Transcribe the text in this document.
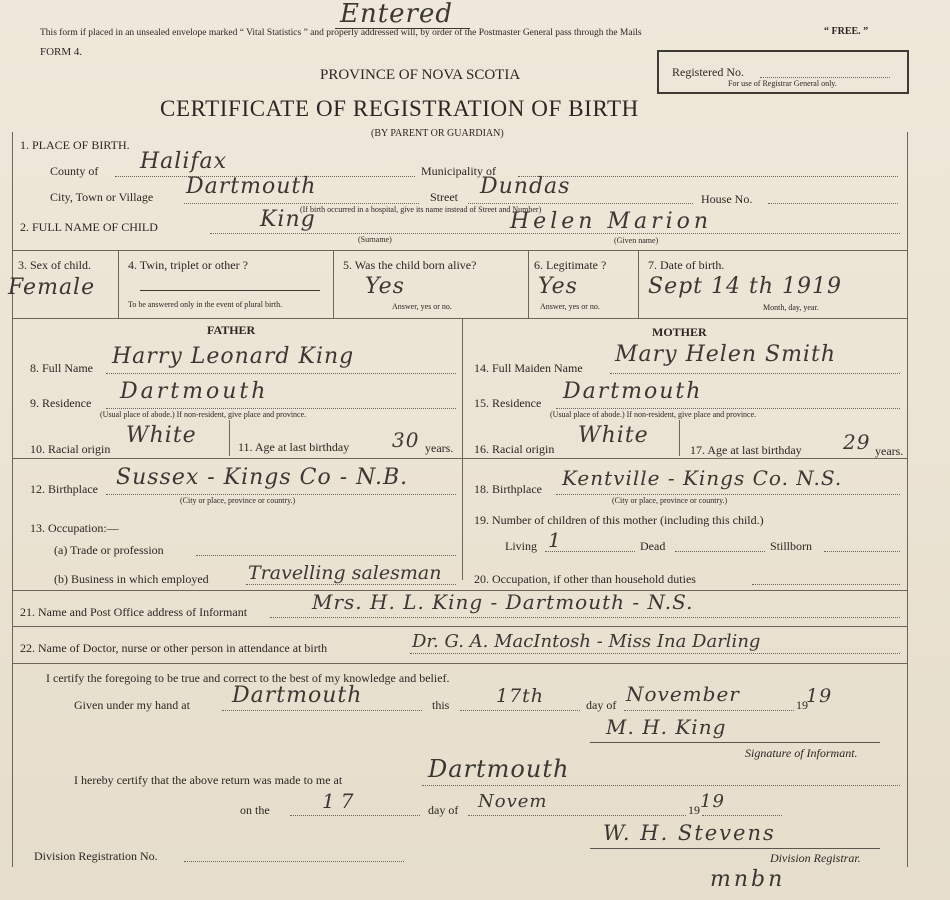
This form if placed in an unsealed envelope marked “ Vital Statistics ” and properly addressed will, by order of the Postmaster General pass through the Mails	“ FREE. ”
Entered
FORM 4.
PROVINCE OF NOVA SCOTIA
CERTIFICATE OF REGISTRATION OF BIRTH
(BY PARENT OR GUARDIAN)
Registered No.
For use of Registrar General only.
1. PLACE OF BIRTH.
County of Halifax	Municipality of
City, Town or Village Dartmouth	Street Dundas	House No.
(If birth occurred in a hospital, give its name instead of Street and Number)
2. FULL NAME OF CHILD	King	Helen Marion
(Surname)	(Given name)
3. Sex of child.
Female
4. Twin, triplet or other ?
To be answered only in the event of plural birth.
5. Was the child born alive?
Yes
Answer, yes or no.
6. Legitimate ?
Yes
Answer, yes or no.
7. Date of birth.
Sept 14 th 1919
Month, day, year.
FATHER
8. Full Name Harry Leonard King
9. Residence Dartmouth
(Usual place of abode.) If non-resident, give place and province.
10. Racial origin
White	11. Age at last birthday 30 years.
12. Birthplace Sussex - Kings Co - N.B.
(City or place, province or country.)
13. Occupation:—
(a) Trade or profession
(b) Business in which employed Travelling salesman
MOTHER
14. Full Maiden Name
Mary Helen Smith
15. Residence Dartmouth
(Usual place of abode.) If non-resident, give place and province.
16. Racial origin
White
17. Age at last birthday 29 years.
18. Birthplace Kentville - Kings Co. N.S.
(City or place, province or country.)
19. Number of children of this mother (including this child.)
Living 1	Dead	Stillborn
20. Occupation, if other than household duties
21. Name and Post Office address of Informant	Mrs. H. L. King - Dartmouth - N.S.
22. Name of Doctor, nurse or other person in attendance at birth	Dr. G. A. MacIntosh - Miss Ina Darling
I certify the foregoing to be true and correct to the best of my knowledge and belief.
Given under my hand at Dartmouth	this 17th	day of November	19
19
M. H. King
Signature of Informant.
I hereby certify that the above return was made to me at	Dartmouth
on the	17	day of Novem	19 19
W. H. Stevens
Division Registration No.	Division Registrar.
mnbn
